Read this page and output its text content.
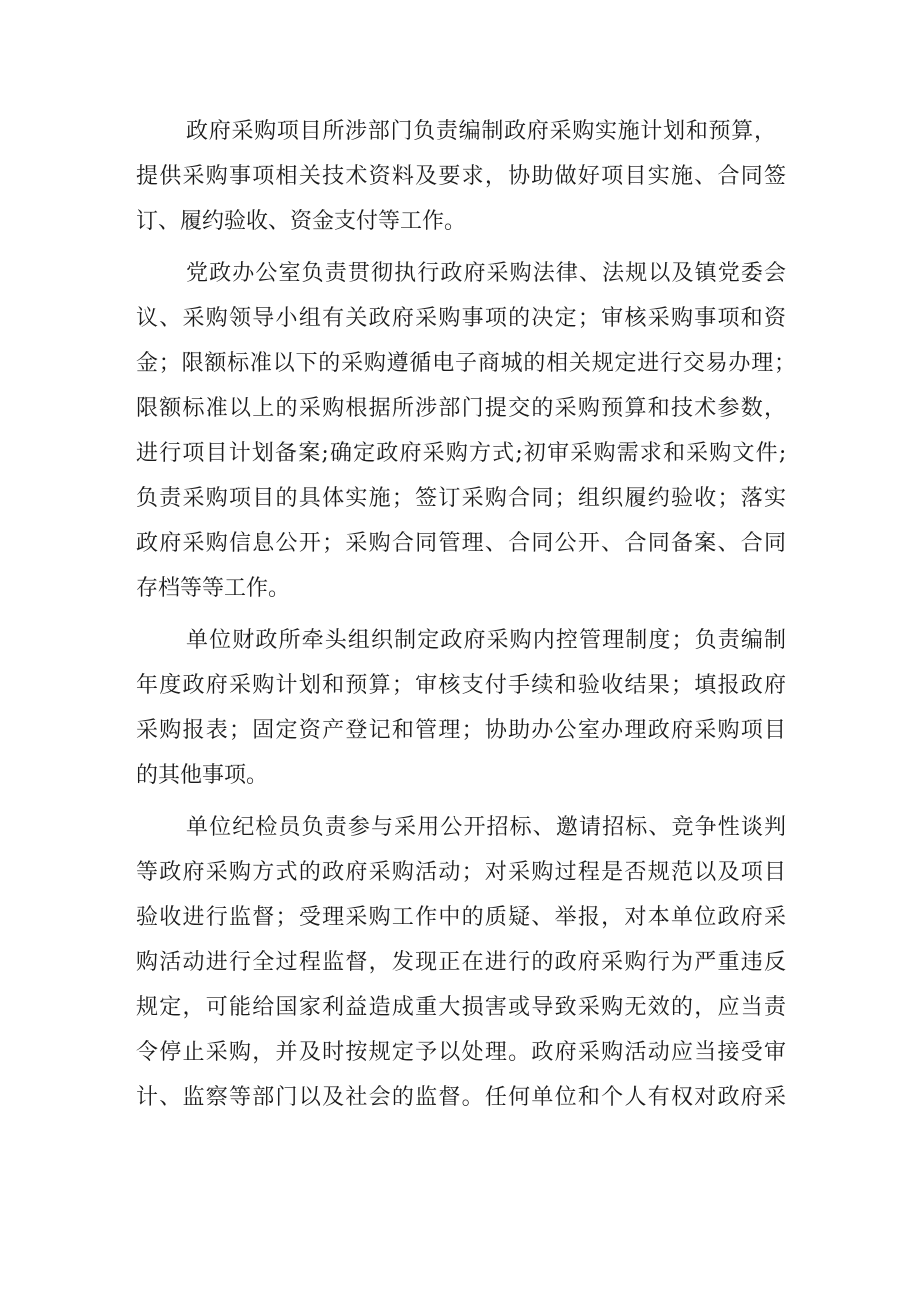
政府采购项目所涉部门负责编制政府采购实施计划和预算，
提供采购事项相关技术资料及要求，协助做好项目实施、合同签
订、履约验收、资金支付等工作。
党政办公室负责贯彻执行政府采购法律、法规以及镇党委会
议、采购领导小组有关政府采购事项的决定；审核采购事项和资
金；限额标准以下的采购遵循电子商城的相关规定进行交易办理；
限额标准以上的采购根据所涉部门提交的采购预算和技术参数，
进行项目计划备案;确定政府采购方式;初审采购需求和采购文件;
负责采购项目的具体实施；签订采购合同；组织履约验收；落实
政府采购信息公开；采购合同管理、合同公开、合同备案、合同
存档等等工作。
单位财政所牵头组织制定政府采购内控管理制度；负责编制
年度政府采购计划和预算；审核支付手续和验收结果；填报政府
采购报表；固定资产登记和管理；协助办公室办理政府采购项目
的其他事项。
单位纪检员负责参与采用公开招标、邀请招标、竞争性谈判
等政府采购方式的政府采购活动；对采购过程是否规范以及项目
验收进行监督；受理采购工作中的质疑、举报，对本单位政府采
购活动进行全过程监督，发现正在进行的政府采购行为严重违反
规定，可能给国家利益造成重大损害或导致采购无效的，应当责
令停止采购，并及时按规定予以处理。政府采购活动应当接受审
计、监察等部门以及社会的监督。任何单位和个人有权对政府采
